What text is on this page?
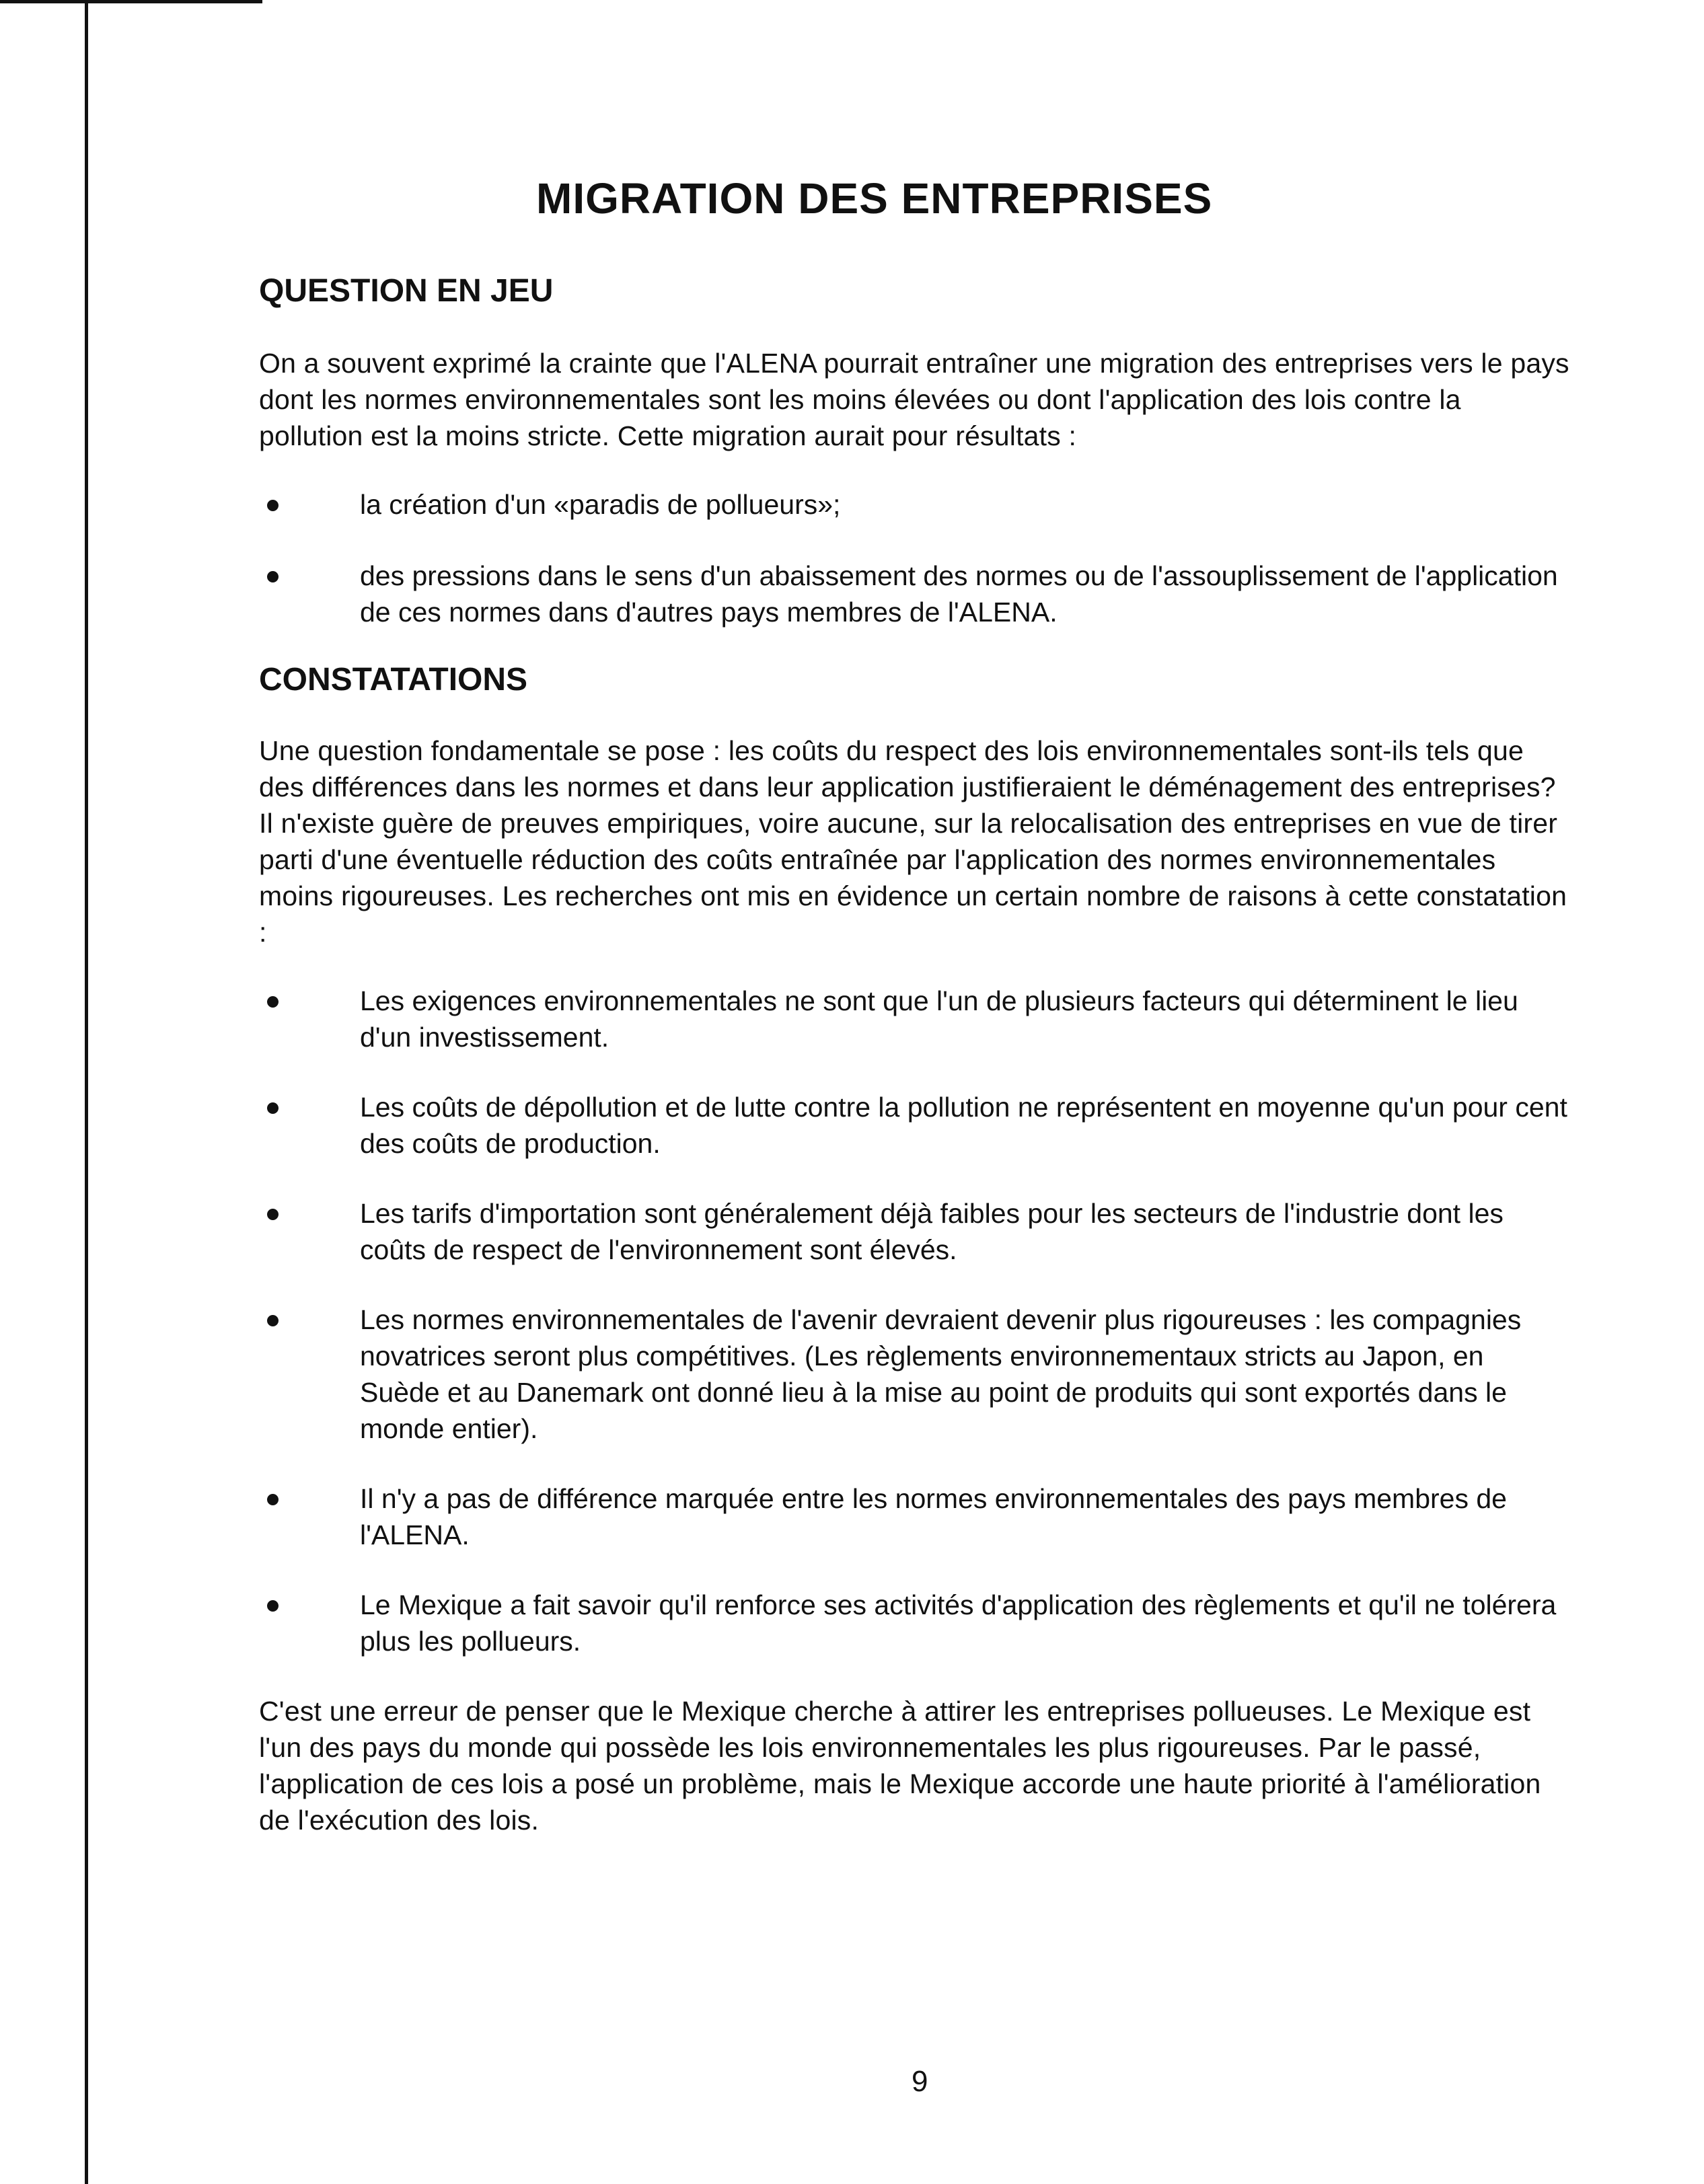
MIGRATION DES ENTREPRISES
QUESTION EN JEU

On a souvent exprimé la crainte que l'ALENA pourrait entraîner une migration des entreprises vers le pays dont les normes environnementales sont les moins élevées ou dont l'application des lois contre la pollution est la moins stricte. Cette migration aurait pour résultats :

la création d'un «paradis de pollueurs»;
des pressions dans le sens d'un abaissement des normes ou de l'assouplissement de l'application de ces normes dans d'autres pays membres de l'ALENA.
CONSTATATIONS

Une question fondamentale se pose : les coûts du respect des lois environnementales sont-ils tels que des différences dans les normes et dans leur application justifieraient le déménagement des entreprises? Il n'existe guère de preuves empiriques, voire aucune, sur la relocalisation des entreprises en vue de tirer parti d'une éventuelle réduction des coûts entraînée par l'application des normes environnementales moins rigoureuses. Les recherches ont mis en évidence un certain nombre de raisons à cette constatation :

Les exigences environnementales ne sont que l'un de plusieurs facteurs qui déterminent le lieu d'un investissement.
Les coûts de dépollution et de lutte contre la pollution ne représentent en moyenne qu'un pour cent des coûts de production.
Les tarifs d'importation sont généralement déjà faibles pour les secteurs de l'industrie dont les coûts de respect de l'environnement sont élevés.
Les normes environnementales de l'avenir devraient devenir plus rigoureuses : les compagnies novatrices seront plus compétitives. (Les règlements environnementaux stricts au Japon, en Suède et au Danemark ont donné lieu à la mise au point de produits qui sont exportés dans le monde entier).
Il n'y a pas de différence marquée entre les normes environnementales des pays membres de l'ALENA.
Le Mexique a fait savoir qu'il renforce ses activités d'application des règlements et qu'il ne tolérera plus les pollueurs.

C'est une erreur de penser que le Mexique cherche à attirer les entreprises pollueuses. Le Mexique est l'un des pays du monde qui possède les lois environnementales les plus rigoureuses. Par le passé, l'application de ces lois a posé un problème, mais le Mexique accorde une haute priorité à l'amélioration de l'exécution des lois.

9
